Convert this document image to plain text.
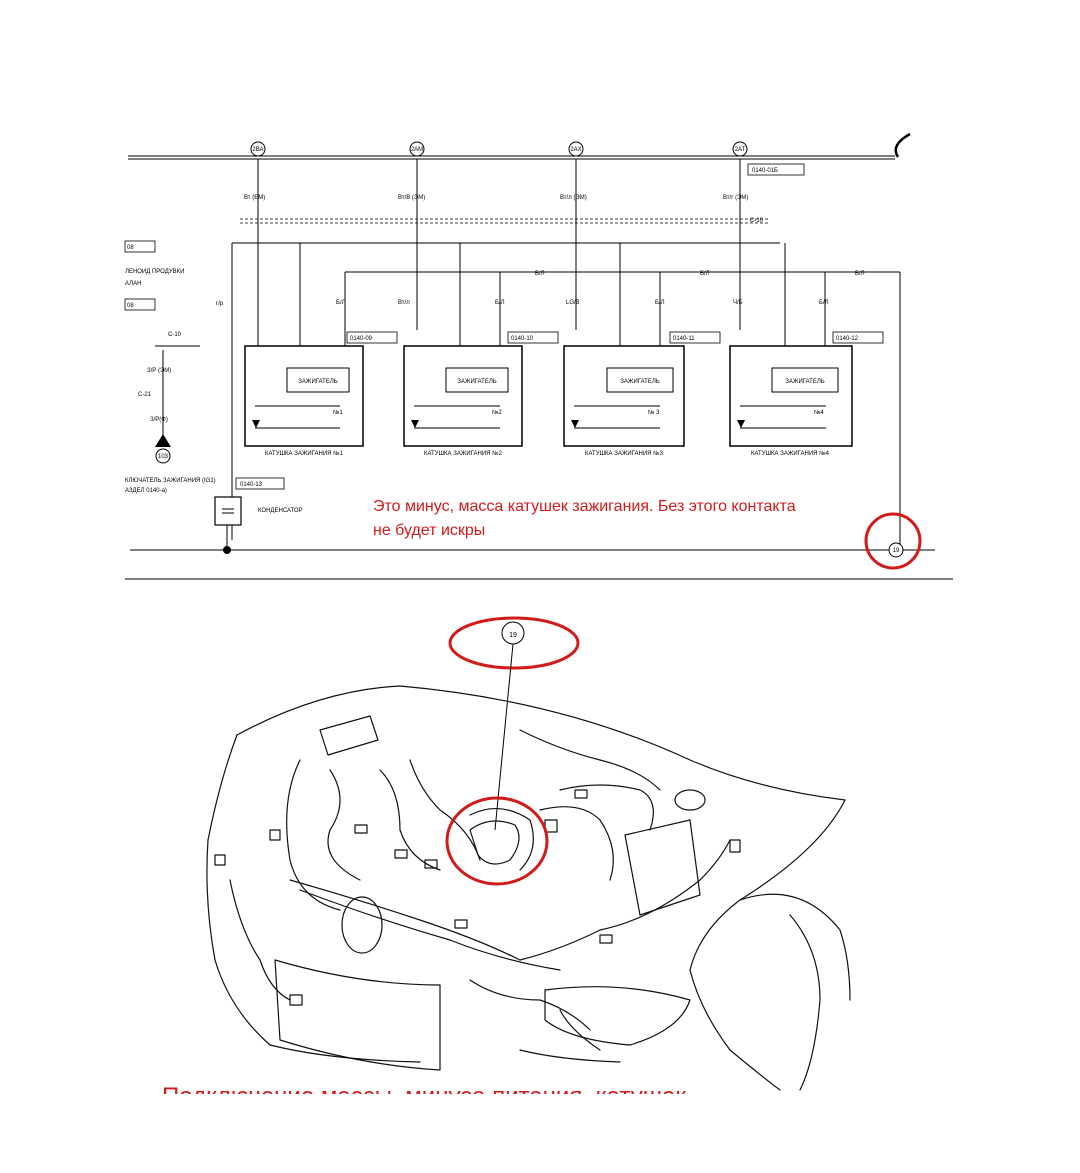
2ВА
Вт (ЕМ)
2АМ
Вт/В (ЭМ)
2АХ
Вт/л (ЭМ)
2АТ
Вт/г (ЭМ)
0140-01Б
С-10
Б/Л	Б/Л	Б/Л
08
ЛЕНОИД ПРОДУВКИ
АЛАН
08
С-10
З/Р (ЭМ)
С-21
З/Р(Ф)
103
КЛЮЧАТЕЛЬ ЗАЖИГАНИЯ (IG1)
АЗДЕЛ 0140-а)
г/р
0140-13
КОНДЕНСАТОР
0140-09
ЗАЖИГАТЕЛЬ
№1
КАТУШКА ЗАЖИГАНИЯ №1
Б/Л
0140-10
ЗАЖИГАТЕЛЬ
№2
КАТУШКА ЗАЖИГАНИЯ №2
Вт/л	Б/Л
0140-11
ЗАЖИГАТЕЛЬ
№ 3
КАТУШКА ЗАЖИГАНИЯ №3
LG/B	Б/Л
0140-12
ЗАЖИГАТЕЛЬ
№4
КАТУШКА ЗАЖИГАНИЯ №4
Ч/Б	Б/Л
19
Это минус, масса катушек зажигания. Без этого контакта
не будет искры
19
